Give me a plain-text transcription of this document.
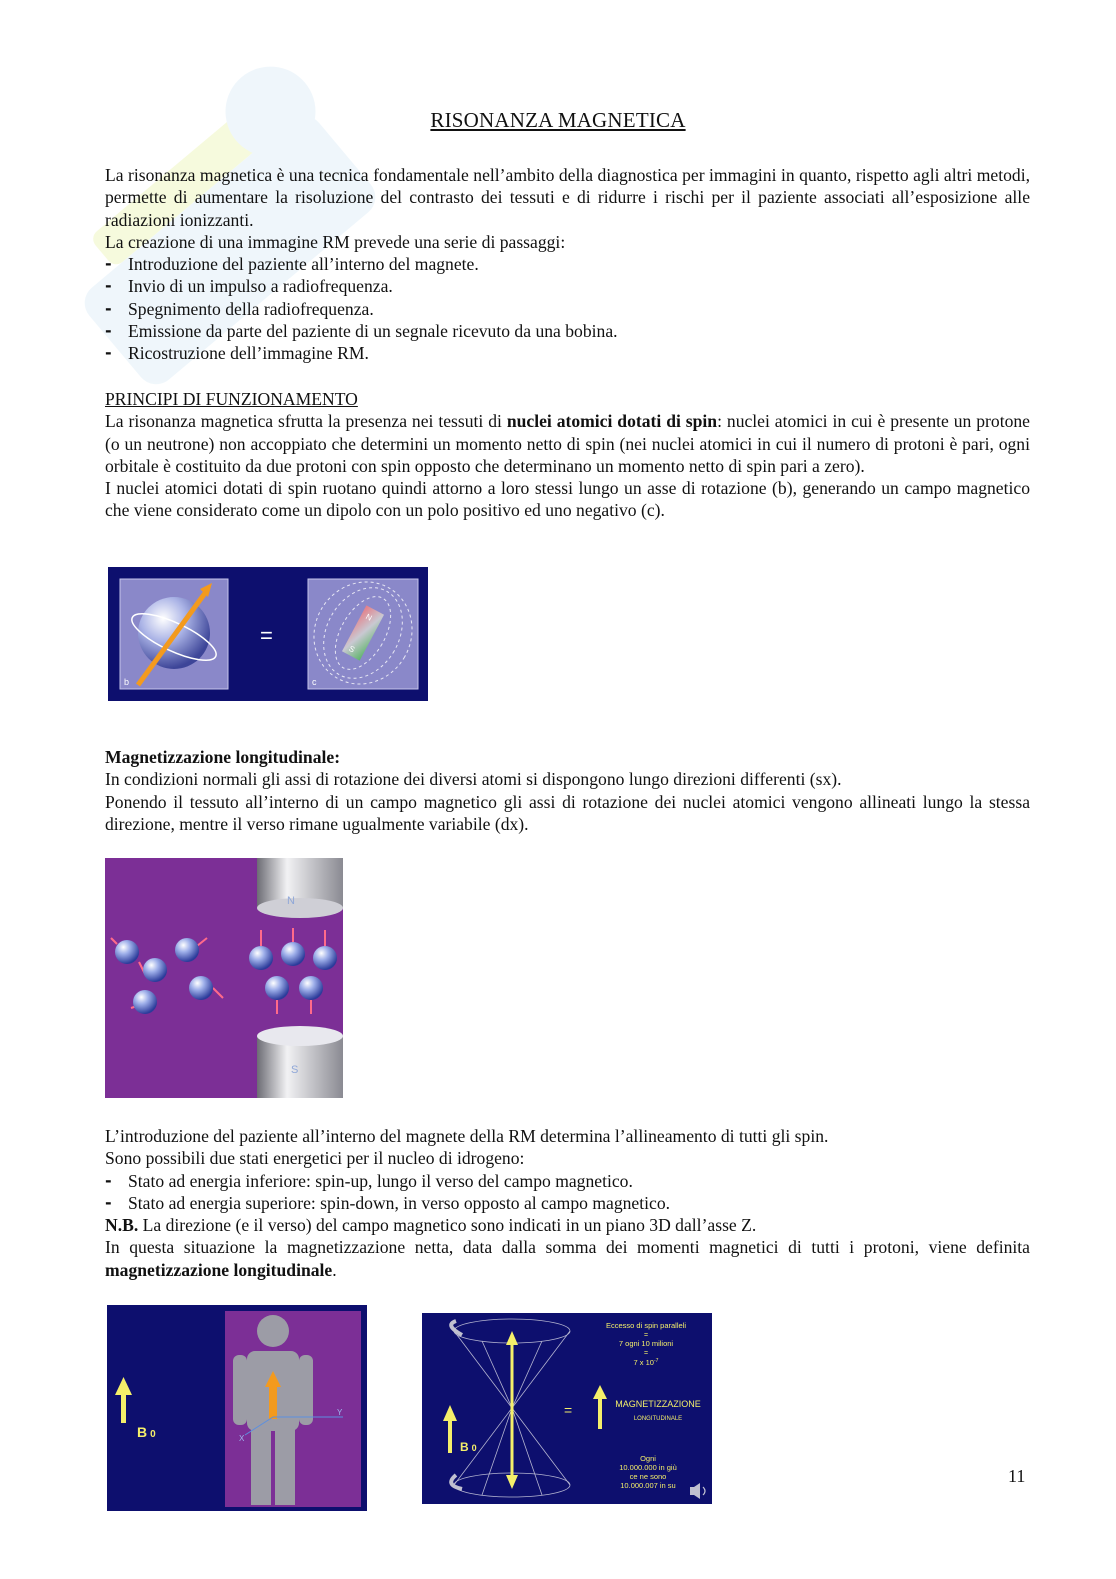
RISONANZA MAGNETICA

La risonanza magnetica è una tecnica fondamentale nell’ambito della diagnostica per immagini in quanto, rispetto agli altri metodi, permette di aumentare la risoluzione del contrasto dei tessuti e di ridurre i rischi per il paziente associati all’esposizione alle radiazioni ionizzanti.

La creazione di una immagine RM prevede una serie di passaggi:

- Introduzione del paziente all’interno del magnete.
- Invio di un impulso a radiofrequenza.
- Spegnimento della radiofrequenza.
- Emissione da parte del paziente di un segnale ricevuto da una bobina.
- Ricostruzione dell’immagine RM.

PRINCIPI DI FUNZIONAMENTO

La risonanza magnetica sfrutta la presenza nei tessuti di nuclei atomici dotati di spin: nuclei atomici in cui è presente un protone (o un neutrone) non accoppiato che determini un momento netto di spin (nei nuclei atomici in cui il numero di protoni è pari, ogni orbitale è costituito da due protoni con spin opposto che determinano un momento netto di spin pari a zero).

I nuclei atomici dotati di spin ruotano quindi attorno a loro stessi lungo un asse di rotazione (b), generando un campo magnetico che viene considerato come un dipolo con un polo positivo ed uno negativo (c).

b
=
N
S
c

Magnetizzazione longitudinale:

In condizioni normali gli assi di rotazione dei diversi atomi si dispongono lungo direzioni differenti (sx).

Ponendo il tessuto all’interno di un campo magnetico gli assi di rotazione dei nuclei atomici vengono allineati lungo la stessa direzione, mentre il verso rimane ugualmente variabile (dx).

N
S

L’introduzione del paziente all’interno del magnete della RM determina l’allineamento di tutti gli spin.

Sono possibili due stati energetici per il nucleo di idrogeno:

- Stato ad energia inferiore: spin-up, lungo il verso del campo magnetico.
- Stato ad energia superiore: spin-down, in verso opposto al campo magnetico.

N.B. La direzione (e il verso) del campo magnetico sono indicati in un piano 3D dall’asse Z.

In questa situazione la magnetizzazione netta, data dalla somma dei momenti magnetici di tutti i protoni, viene definita magnetizzazione longitudinale.

Y
X
B 0
B 0
=
Eccesso di spin paralleli
=
7 ogni 10 milioni
=
7 x $10^{-7}$
MAGNETIZZAZIONE
LONGITUDINALE
Ogni
10.000.000 in giù
ce ne sono
10.000.007 in su	11
